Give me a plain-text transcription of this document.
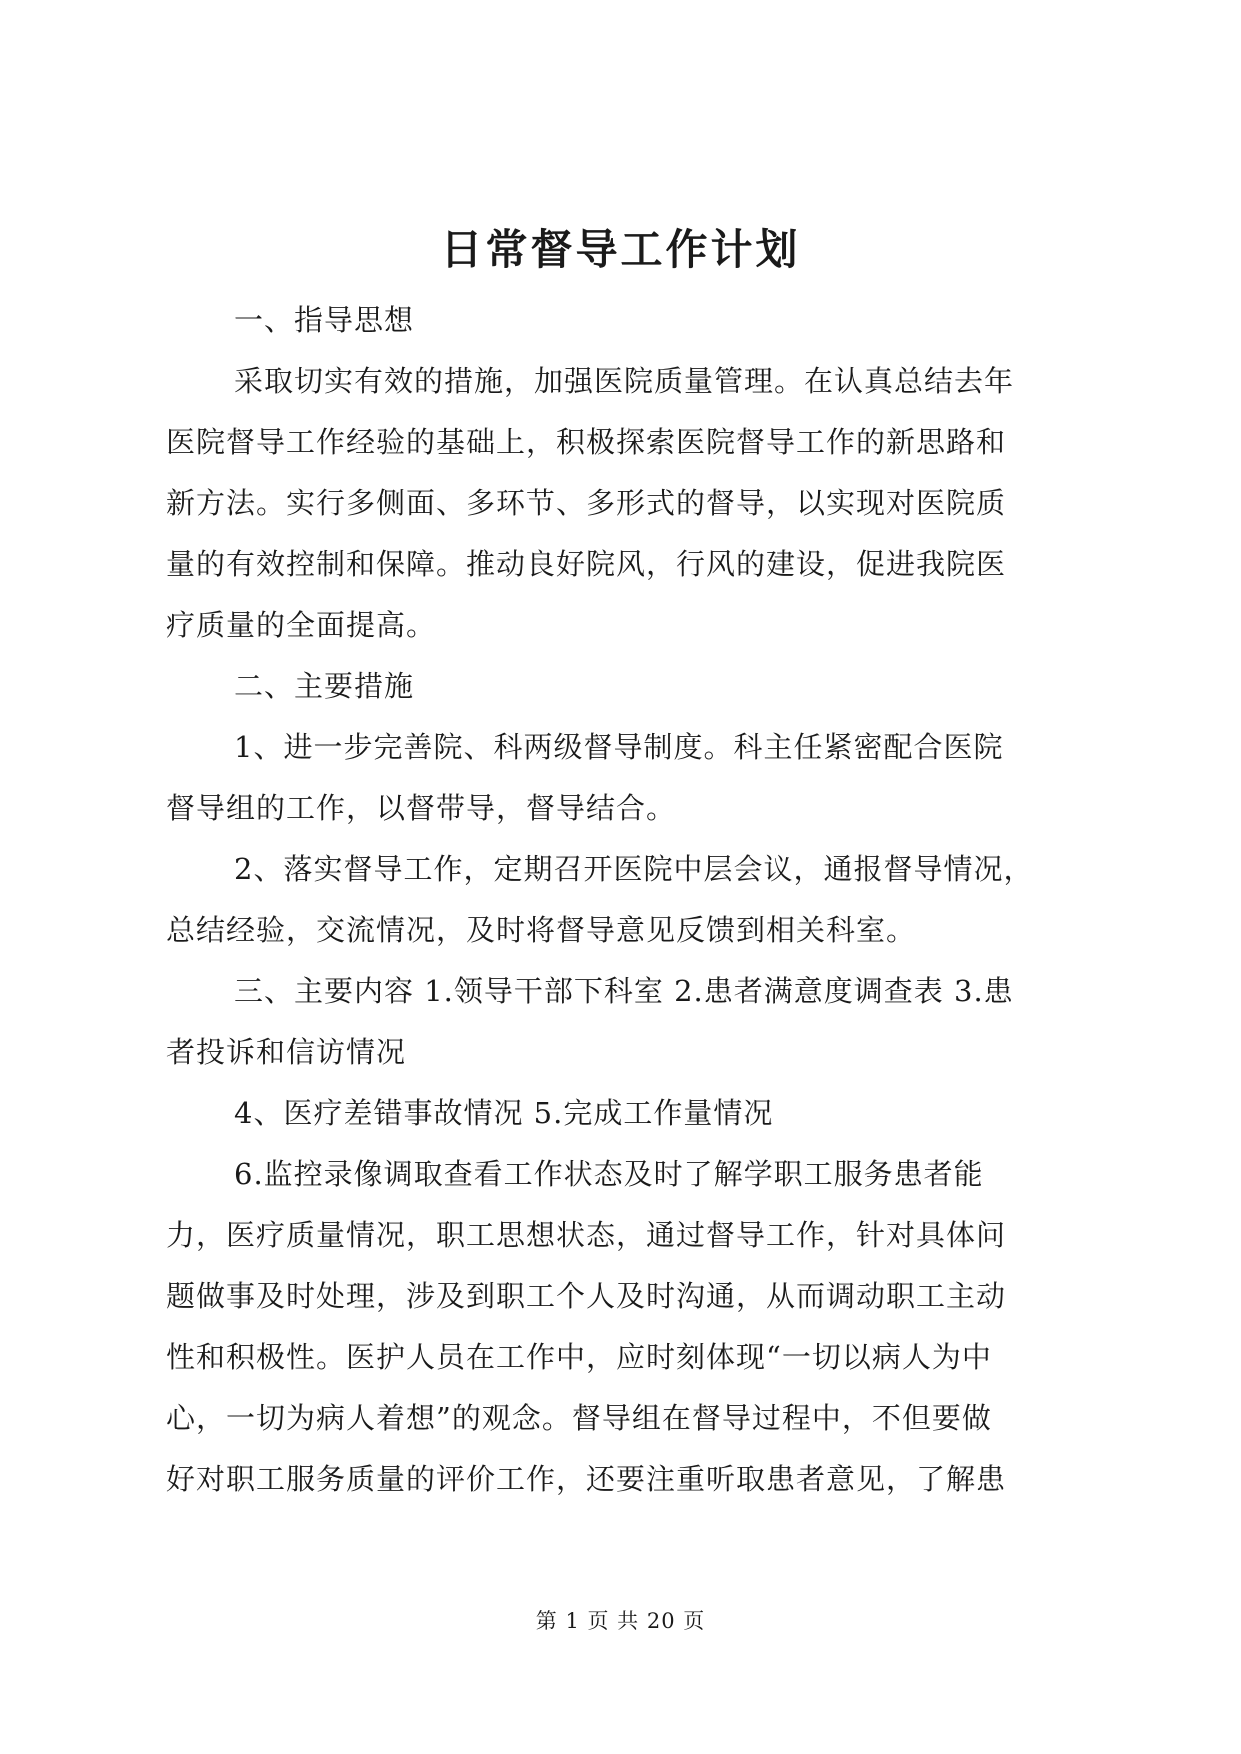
日常督导工作计划
一、指导思想
采取切实有效的措施，加强医院质量管理。在认真总结去年
医院督导工作经验的基础上，积极探索医院督导工作的新思路和
新方法。实行多侧面、多环节、多形式的督导，以实现对医院质
量的有效控制和保障。推动良好院风，行风的建设，促进我院医
疗质量的全面提高。
二、主要措施
1、进一步完善院、科两级督导制度。科主任紧密配合医院
督导组的工作，以督带导，督导结合。
2、落实督导工作，定期召开医院中层会议，通报督导情况，
总结经验，交流情况，及时将督导意见反馈到相关科室。
三、主要内容 1.领导干部下科室 2.患者满意度调查表 3.患
者投诉和信访情况
4、医疗差错事故情况 5.完成工作量情况
6.监控录像调取查看工作状态及时了解学职工服务患者能
力，医疗质量情况，职工思想状态，通过督导工作，针对具体问
题做事及时处理，涉及到职工个人及时沟通，从而调动职工主动
性和积极性。医护人员在工作中，应时刻体现“一切以病人为中
心，一切为病人着想”的观念。督导组在督导过程中，不但要做
好对职工服务质量的评价工作，还要注重听取患者意见，了解患
第 1 页 共 20 页
